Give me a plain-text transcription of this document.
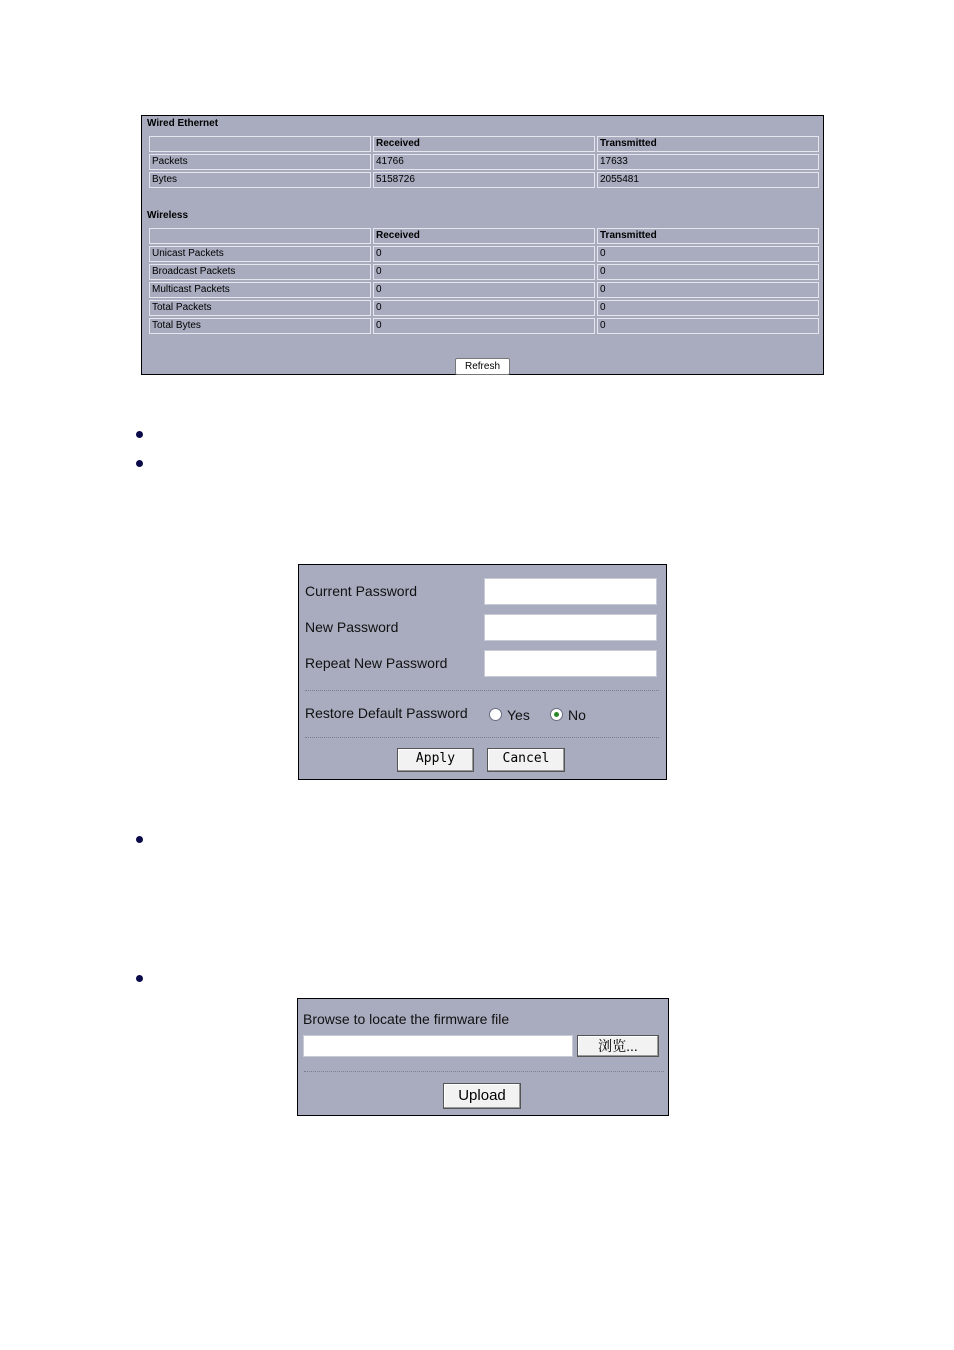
Wired Ethernet
	Received	Transmitted
Packets	41766	17633
Bytes	5158726	2055481
Wireless
	Received	Transmitted
Unicast Packets	0	0
Broadcast Packets	0	0
Multicast Packets	0	0
Total Packets	0	0
Total Bytes	0	0
Refresh
Current Password
New Password
Repeat New Password
Restore Default Password	Yes	No
Apply	Cancel
Browse to locate the firmware file
浏览...
Upload
